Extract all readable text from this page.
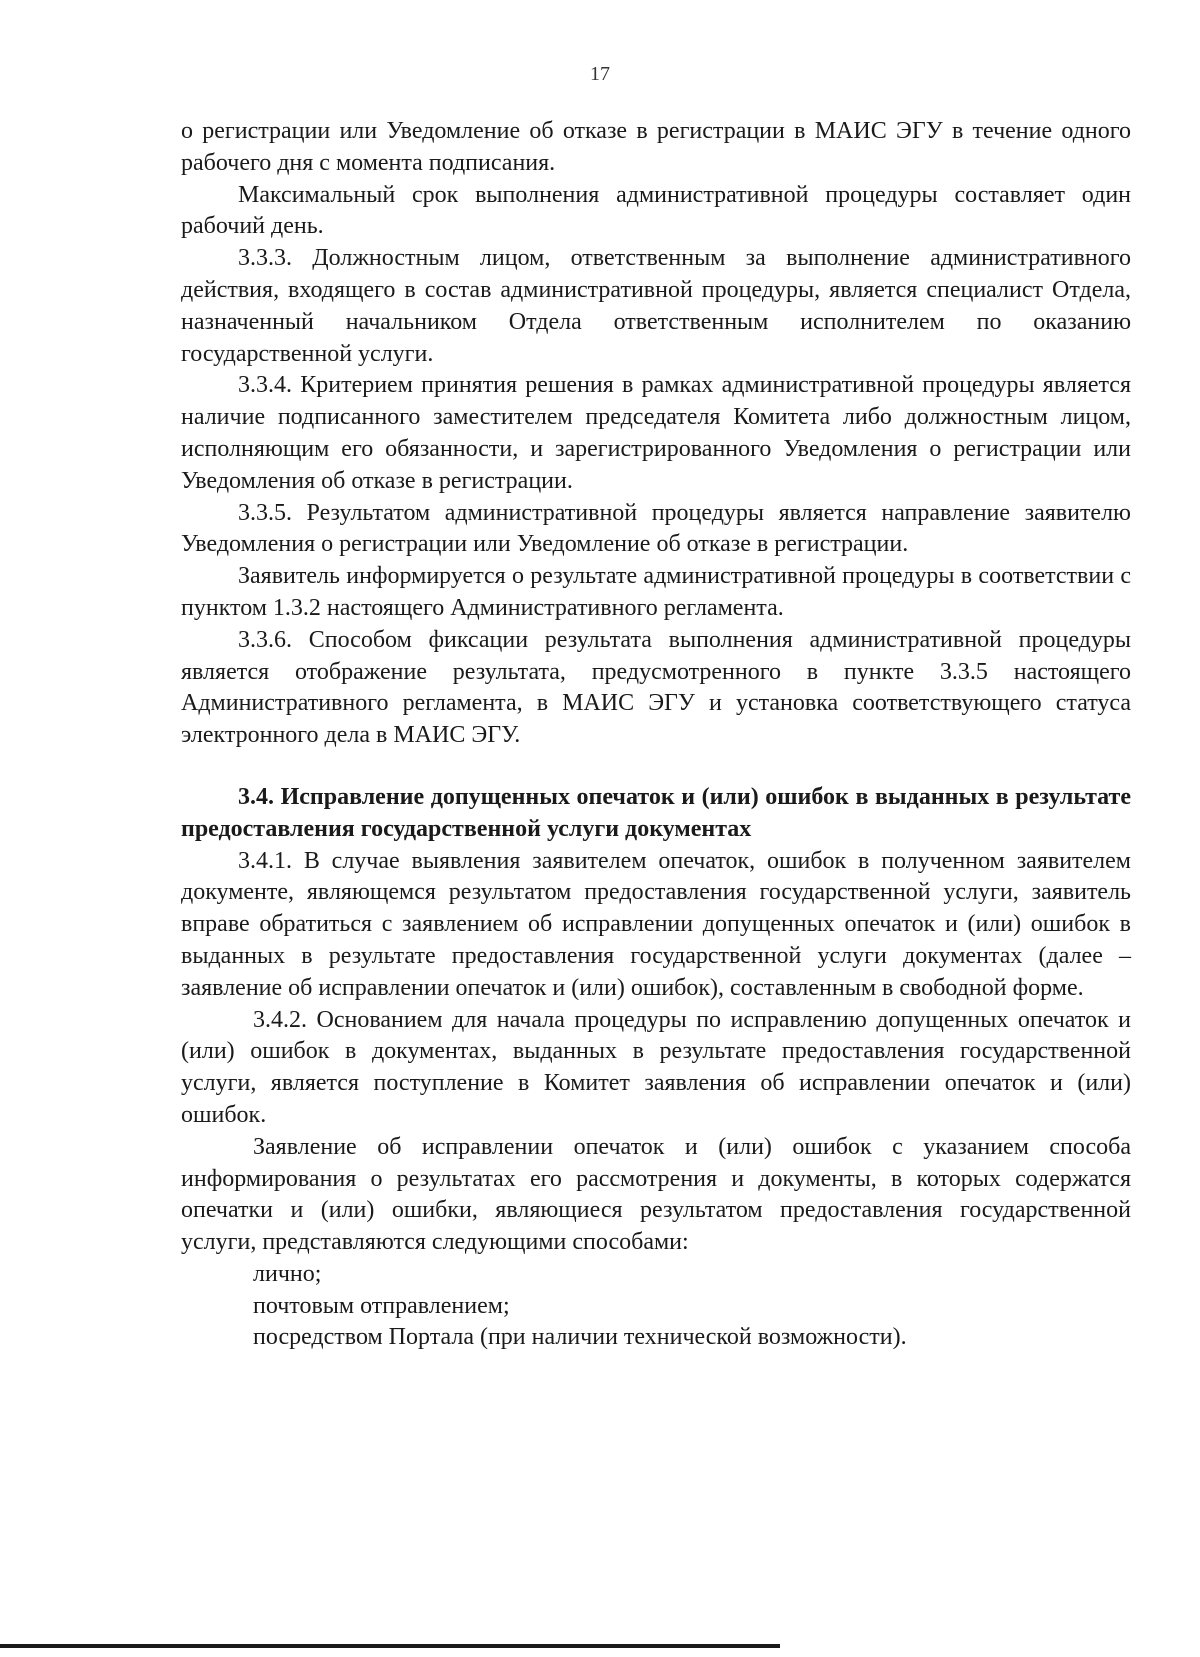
17

о регистрации или Уведомление об отказе в регистрации в МАИС ЭГУ в течение одного рабочего дня с момента подписания.

Максимальный срок выполнения административной процедуры составляет один рабочий день.

3.3.3. Должностным лицом, ответственным за выполнение административного действия, входящего в состав административной процедуры, является специалист Отдела, назначенный начальником Отдела ответственным исполнителем по оказанию государственной услуги.

3.3.4. Критерием принятия решения в рамках административной процедуры является наличие подписанного заместителем председателя Комитета либо должностным лицом, исполняющим его обязанности, и зарегистрированного Уведомления о регистрации или Уведомления об отказе в регистрации.

3.3.5. Результатом административной процедуры является направление заявителю Уведомления о регистрации или Уведомление об отказе в регистрации.

Заявитель информируется о результате административной процедуры в соответствии с пунктом 1.3.2 настоящего Административного регламента.

3.3.6. Способом фиксации результата выполнения административной процедуры является отображение результата, предусмотренного в пункте 3.3.5 настоящего Административного регламента, в МАИС ЭГУ и установка соответствующего статуса электронного дела в МАИС ЭГУ.

3.4. Исправление допущенных опечаток и (или) ошибок в выданных в результате предоставления государственной услуги документах

3.4.1. В случае выявления заявителем опечаток, ошибок в полученном заявителем документе, являющемся результатом предоставления государственной услуги, заявитель вправе обратиться с заявлением об исправлении допущенных опечаток и (или) ошибок в выданных в результате предоставления государственной услуги документах (далее – заявление об исправлении опечаток и (или) ошибок), составленным в свободной форме.

3.4.2. Основанием для начала процедуры по исправлению допущенных опечаток и (или) ошибок в документах, выданных в результате предоставления государственной услуги, является поступление в Комитет заявления об исправлении опечаток и (или) ошибок.

Заявление об исправлении опечаток и (или) ошибок с указанием способа информирования о результатах его рассмотрения и документы, в которых содержатся опечатки и (или) ошибки, являющиеся результатом предоставления государственной услуги, представляются следующими способами:

лично;

почтовым отправлением;

посредством Портала (при наличии технической возможности).
